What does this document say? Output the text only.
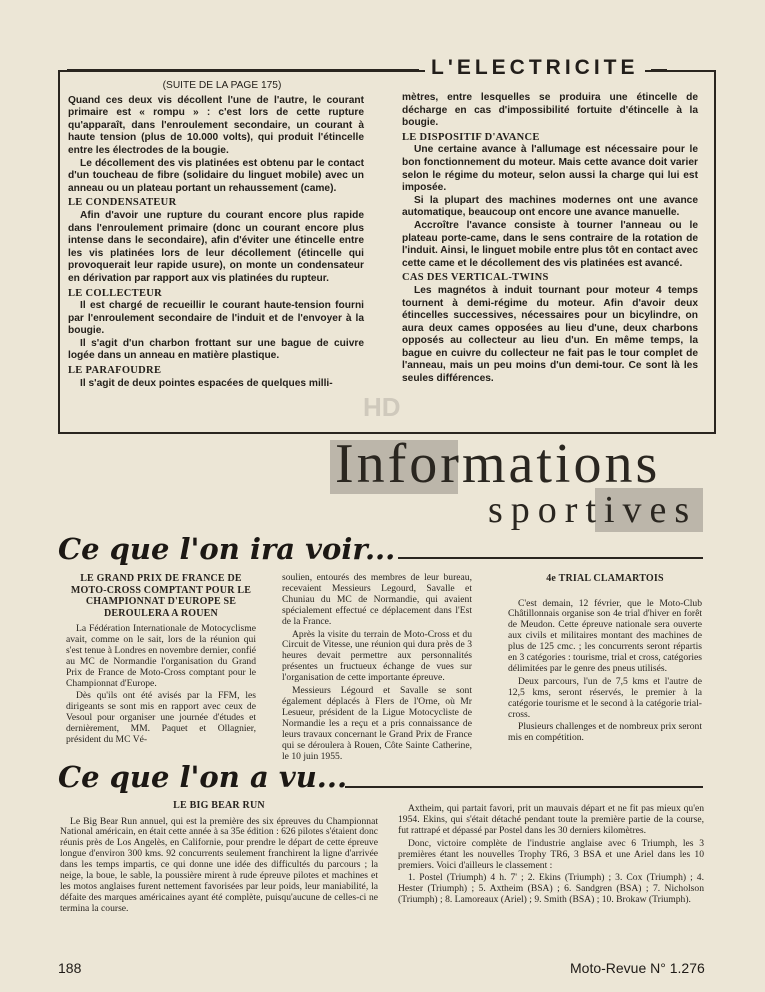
L'ELECTRICITE

(SUITE DE LA PAGE 175)

Quand ces deux vis décollent l'une de l'autre, le courant primaire est « rompu » : c'est lors de cette rupture qu'apparaît, dans l'enroulement secondaire, un courant à haute tension (plus de 10.000 volts), qui produit l'étincelle entre les électrodes de la bougie.

Le décollement des vis platinées est obtenu par le contact d'un toucheau de fibre (solidaire du linguet mobile) avec un anneau ou un plateau portant un rehaussement (came).

LE CONDENSATEUR

Afin d'avoir une rupture du courant encore plus rapide dans l'enroulement primaire (donc un courant encore plus intense dans le secondaire), afin d'éviter une étincelle entre les vis platinées lors de leur décollement (étincelle qui provoquerait leur rapide usure), on monte un condensateur en dérivation par rapport aux vis platinées du rupteur.

LE COLLECTEUR

Il est chargé de recueillir le courant haute-tension fourni par l'enroulement secondaire de l'induit et de l'envoyer à la bougie.

Il s'agit d'un charbon frottant sur une bague de cuivre logée dans un anneau en matière plastique.

LE PARAFOUDRE

Il s'agit de deux pointes espacées de quelques milli-

mètres, entre lesquelles se produira une étincelle de décharge en cas d'impossibilité fortuite d'étincelle à la bougie.

LE DISPOSITIF D'AVANCE

Une certaine avance à l'allumage est nécessaire pour le bon fonctionnement du moteur. Mais cette avance doit varier selon le régime du moteur, selon aussi la charge qui lui est imposée.

Si la plupart des machines modernes ont une avance automatique, beaucoup ont encore une avance manuelle.

Accroître l'avance consiste à tourner l'anneau ou le plateau porte-came, dans le sens contraire de la rotation de l'induit. Ainsi, le linguet mobile entre plus tôt en contact avec cette came et le décollement des vis platinées est avancé.

CAS DES VERTICAL-TWINS

Les magnétos à induit tournant pour moteur 4 temps tournent à demi-régime du moteur. Afin d'avoir deux étincelles successives, nécessaires pour un bicylindre, on aura deux cames opposées au lieu d'une, deux charbons opposés au collecteur au lieu d'un. En même temps, la bague en cuivre du collecteur ne fait pas le tour complet de l'anneau, mais un peu moins d'un demi-tour. Ce sont là les seules différences.

HD
Informations
sportives
Ce que l'on ira voir...
LE GRAND PRIX DE FRANCE DE MOTO-CROSS COMPTANT POUR LE CHAMPIONNAT D'EUROPE SE DEROULERA A ROUEN

La Fédération Internationale de Motocyclisme avait, comme on le sait, lors de la réunion qui s'est tenue à Londres en novembre dernier, confié au MC de Normandie l'organisation du Grand Prix de France de Moto-Cross comptant pour le Championnat d'Europe.

Dès qu'ils ont été avisés par la FFM, les dirigeants se sont mis en rapport avec ceux de Vesoul pour organiser une journée d'études et dernièrement, MM. Paquet et Ollagnier, président du MC Vé-

soulien, entourés des membres de leur bureau, recevaient Messieurs Legourd, Savalle et Chuniau du MC de Normandie, qui avaient spécialement effectué ce déplacement dans l'Est de la France.

Après la visite du terrain de Moto-Cross et du Circuit de Vitesse, une réunion qui dura près de 3 heures devait permettre aux personnalités présentes un fructueux échange de vues sur l'organisation de cette importante épreuve.

Messieurs Légourd et Savalle se sont également déplacés à Flers de l'Orne, où Mr Lesueur, président de la Ligue Motocycliste de Normandie les a reçu et a pris connaissance de leurs travaux concernant le Grand Prix de France qui se déroulera à Rouen, Côte Sainte Catherine, le 10 juin 1955.

4e TRIAL CLAMARTOIS

C'est demain, 12 février, que le Moto-Club Châtillonnais organise son 4e trial d'hiver en forêt de Meudon. Cette épreuve nationale sera ouverte aux civils et militaires montant des machines de plus de 125 cmc. ; les concurrents seront répartis en 3 catégories : tourisme, trial et cross, catégories délimitées par le genre des pneus utilisés.

Deux parcours, l'un de 7,5 kms et l'autre de 12,5 kms, seront réservés, le premier à la catégorie tourisme et le second à la catégorie trial-cross.

Plusieurs challenges et de nombreux prix seront mis en compétition.

Ce que l'on a vu...
LE BIG BEAR RUN

Le Big Bear Run annuel, qui est la première des six épreuves du Championnat National américain, en était cette année à sa 35e édition : 626 pilotes s'étaient donc réunis près de Los Angelès, en Californie, pour prendre le départ de cette épreuve longue d'environ 300 kms. 92 concurrents seulement franchirent la ligne d'arrivée dans les temps impartis, ce qui donne une idée des difficultés du parcours ; la neige, la boue, le sable, la poussière mirent à rude épreuve pilotes et machines et les motos anglaises furent nettement favorisées par leur poids, leur maniabilité, la défaite des marques américaines ayant été complète, puisqu'aucune de celles-ci ne termina la course.

Axtheim, qui partait favori, prit un mauvais départ et ne fit pas mieux qu'en 1954. Ekins, qui s'était détaché pendant toute la première partie de la course, fut rattrapé et dépassé par Postel dans les 30 derniers kilomètres.

Donc, victoire complète de l'industrie anglaise avec 6 Triumph, les 3 premières étant les nouvelles Trophy TR6, 3 BSA et une Ariel dans les 10 premiers. Voici d'ailleurs le classement :

1. Postel (Triumph) 4 h. 7' ; 2. Ekins (Triumph) ; 3. Cox (Triumph) ; 4. Hester (Triumph) ; 5. Axtheim (BSA) ; 6. Sandgren (BSA) ; 7. Nicholson (Triumph) ; 8. Lamoreaux (Ariel) ; 9. Smith (BSA) ; 10. Brokaw (Triumph).

188	Moto-Revue N° 1.276
